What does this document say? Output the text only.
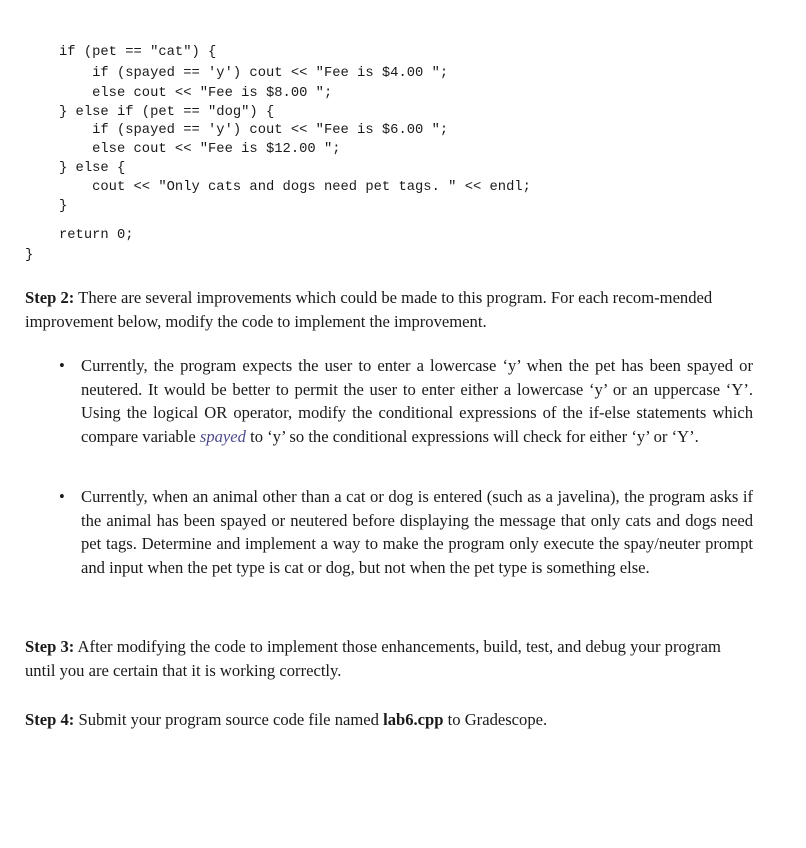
if (pet == "cat") {
if (spayed == 'y') cout << "Fee is $4.00 ";
else cout << "Fee is $8.00 ";
} else if (pet == "dog") {
if (spayed == 'y') cout << "Fee is $6.00 ";
else cout << "Fee is $12.00 ";
} else {
cout << "Only cats and dogs need pet tags. " << endl;
}
return 0;
}
Step 2: There are several improvements which could be made to this program. For each recom-mended improvement below, modify the code to implement the improvement.
• Currently, the program expects the user to enter a lowercase ‘y’ when the pet has been spayed or neutered. It would be better to permit the user to enter either a lowercase ‘y’ or an uppercase ‘Y’. Using the logical OR operator, modify the conditional expressions of the if-else statements which compare variable spayed to ‘y’ so the conditional expressions will check for either ‘y’ or ‘Y’.
• Currently, when an animal other than a cat or dog is entered (such as a javelina), the program asks if the animal has been spayed or neutered before displaying the message that only cats and dogs need pet tags. Determine and implement a way to make the program only execute the spay/neuter prompt and input when the pet type is cat or dog, but not when the pet type is something else.
Step 3: After modifying the code to implement those enhancements, build, test, and debug your program until you are certain that it is working correctly.
Step 4: Submit your program source code file named lab6.cpp to Gradescope.
